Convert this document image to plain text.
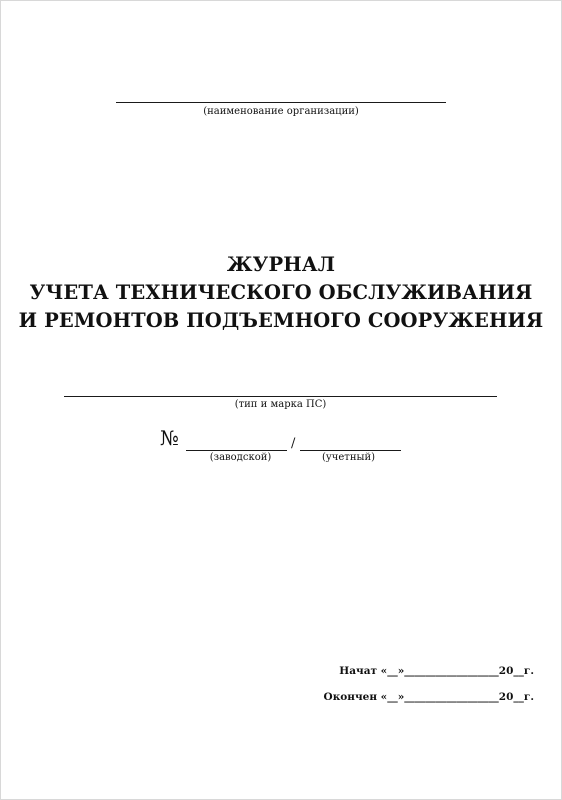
(наименование организации)
ЖУРНАЛ
УЧЕТА ТЕХНИЧЕСКОГО ОБСЛУЖИВАНИЯ
И РЕМОНТОВ ПОДЪЕМНОГО СООРУЖЕНИЯ
(тип и марка ПС)
№	/
(заводской)	(учетный)
Начат «__»__________________20__г.
Окончен «__»__________________20__г.
